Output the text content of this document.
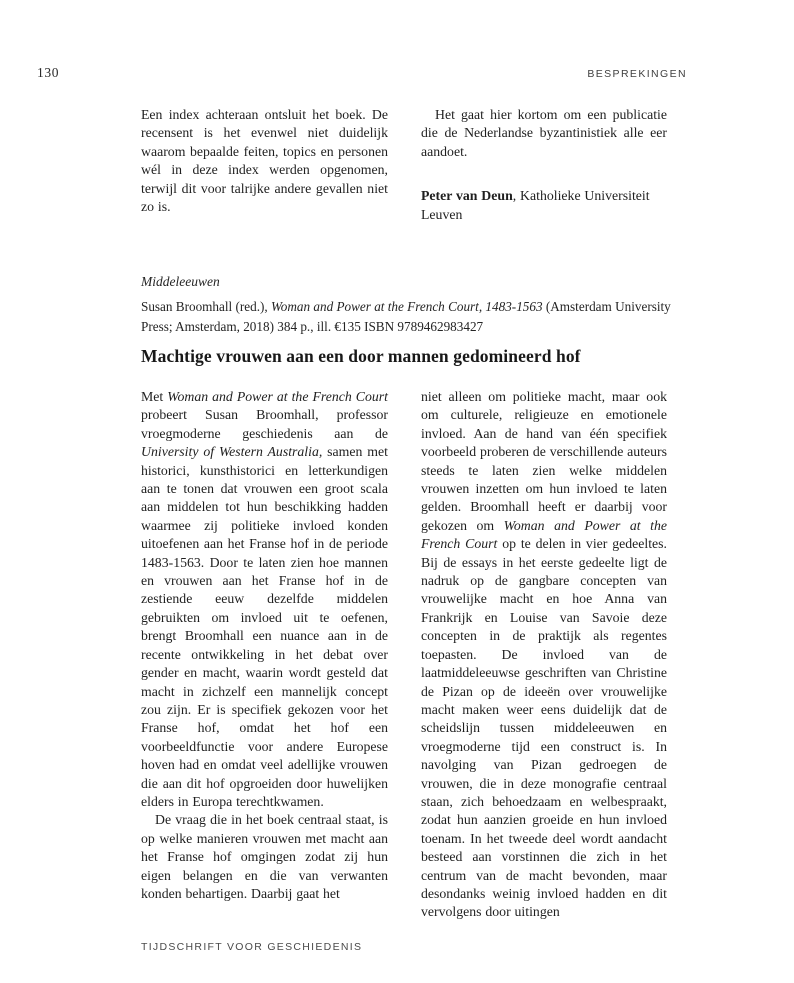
130	BESPREKINGEN

Een index achteraan ontsluit het boek. De recensent is het evenwel niet duidelijk waarom bepaalde feiten, topics en personen wél in deze index werden opgenomen, terwijl dit voor talrijke andere gevallen niet zo is.

Het gaat hier kortom om een publicatie die de Nederlandse byzantinistiek alle eer aandoet.

Peter van Deun, Katholieke Universiteit Leuven

Middeleeuwen
Susan Broomhall (red.), Woman and Power at the French Court, 1483-1563 (Amsterdam University Press; Amsterdam, 2018) 384 p., ill. €135 ISBN 9789462983427
Machtige vrouwen aan een door mannen gedomineerd hof

Met Woman and Power at the French Court probeert Susan Broomhall, professor vroegmoderne geschiedenis aan de University of Western Australia, samen met historici, kunsthistorici en letterkundigen aan te tonen dat vrouwen een groot scala aan middelen tot hun beschikking hadden waarmee zij politieke invloed konden uitoefenen aan het Franse hof in de periode 1483-1563. Door te laten zien hoe mannen en vrouwen aan het Franse hof in de zestiende eeuw dezelfde middelen gebruikten om invloed uit te oefenen, brengt Broomhall een nuance aan in de recente ontwikkeling in het debat over gender en macht, waarin wordt gesteld dat macht in zichzelf een mannelijk concept zou zijn. Er is specifiek gekozen voor het Franse hof, omdat het hof een voorbeeldfunctie voor andere Europese hoven had en omdat veel adellijke vrouwen die aan dit hof opgroeiden door huwelijken elders in Europa terechtkwamen.

De vraag die in het boek centraal staat, is op welke manieren vrouwen met macht aan het Franse hof omgingen zodat zij hun eigen belangen en die van verwanten konden behartigen. Daarbij gaat het

niet alleen om politieke macht, maar ook om culturele, religieuze en emotionele invloed. Aan de hand van één specifiek voorbeeld proberen de verschillende auteurs steeds te laten zien welke middelen vrouwen inzetten om hun invloed te laten gelden. Broomhall heeft er daarbij voor gekozen om Woman and Power at the French Court op te delen in vier gedeeltes. Bij de essays in het eerste gedeelte ligt de nadruk op de gangbare concepten van vrouwelijke macht en hoe Anna van Frankrijk en Louise van Savoie deze concepten in de praktijk als regentes toepasten. De invloed van de laatmiddeleeuwse geschriften van Christine de Pizan op de ideeën over vrouwelijke macht maken weer eens duidelijk dat de scheidslijn tussen middeleeuwen en vroegmoderne tijd een construct is. In navolging van Pizan gedroegen de vrouwen, die in deze monografie centraal staan, zich behoedzaam en welbespraakt, zodat hun aanzien groeide en hun invloed toenam. In het tweede deel wordt aandacht besteed aan vorstinnen die zich in het centrum van de macht bevonden, maar desondanks weinig invloed hadden en dit vervolgens door uitingen

TIJDSCHRIFT VOOR GESCHIEDENIS
